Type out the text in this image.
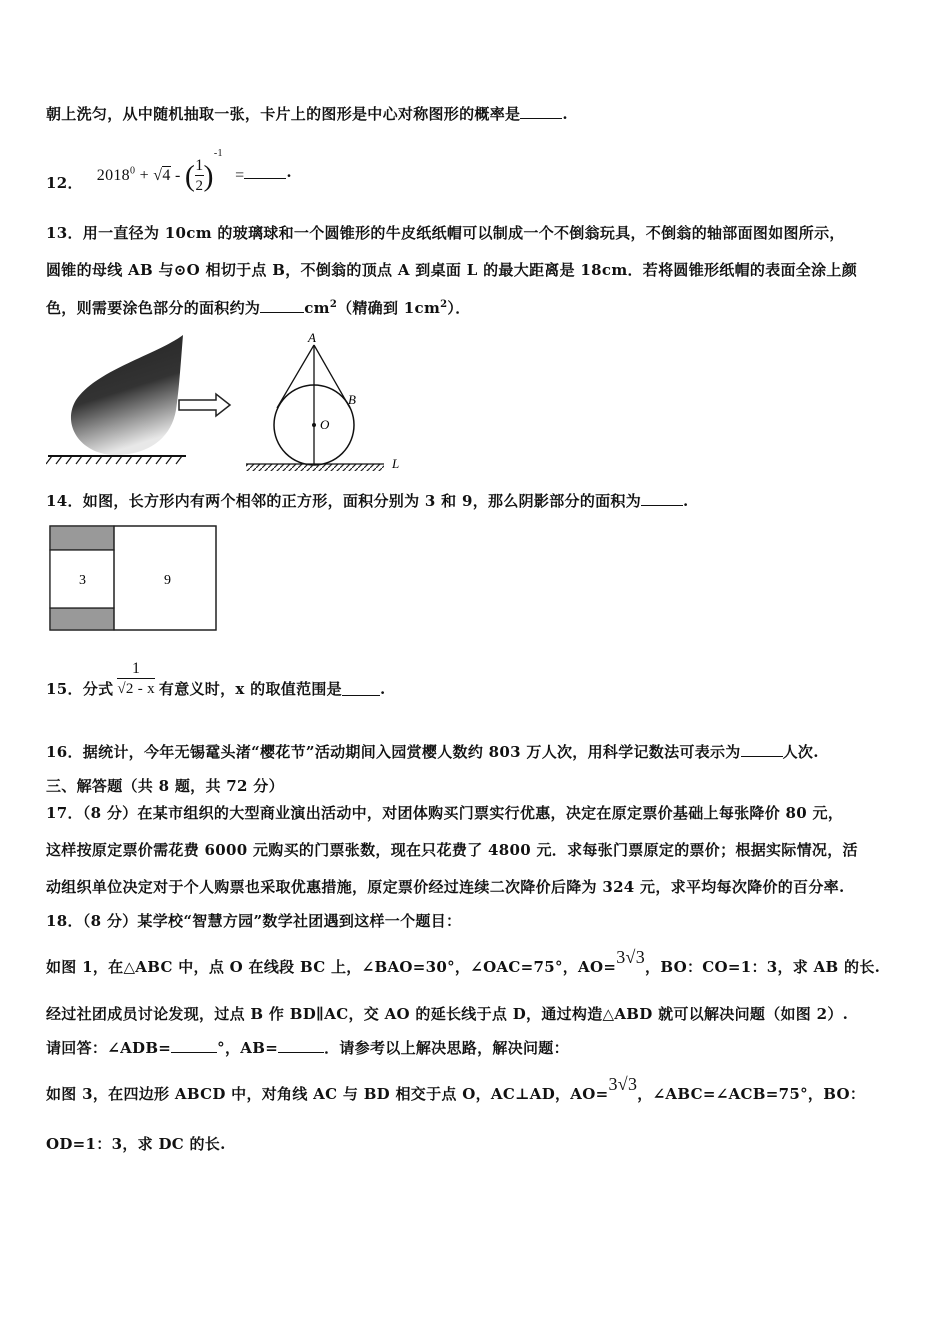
朝上洗匀，从中随机抽取一张，卡片上的图形是中心对称图形的概率是	.
12． $2018^0 + √4$ - ( $\frac{1}{2} )^{-1}$ =	.
13．用一直径为 10cm 的玻璃球和一个圆锥形的牛皮纸纸帽可以制成一个不倒翁玩具，不倒翁的轴部面图如图所示，
圆锥的母线 AB 与⊙O 相切于点 B，不倒翁的顶点 A 到桌面 L 的最大距离是 18cm．若将圆锥形纸帽的表面全涂上颜
色，则需要涂色部分的面积约为	$cm^2$（精确到 $1cm^2$）．
A
B
O
L
14．如图，长方形内有两个相邻的正方形，面积分别为 3 和 9，那么阴影部分的面积为	.
3	9
15．分式 $\frac{1}{√2 - x}$ 有意义时，x 的取值范围是	.
16．据统计，今年无锡鼋头渚“樱花节”活动期间入园赏樱人数约 803 万人次，用科学记数法可表示为	人次.
三、解答题（共 8 题，共 72 分）
17．（8 分）在某市组织的大型商业演出活动中，对团体购买门票实行优惠，决定在原定票价基础上每张降价 80 元，
这样按原定票价需花费 6000 元购买的门票张数，现在只花费了 4800 元．求每张门票原定的票价；根据实际情况，活
动组织单位决定对于个人购票也采取优惠措施，原定票价经过连续二次降价后降为 324 元，求平均每次降价的百分率.
18．（8 分）某学校“智慧方园”数学社团遇到这样一个题目：
如图 1，在△ABC 中，点 O 在线段 BC 上，∠BAO=30°，∠OAC=75°，AO=3√3，BO：CO=1：3，求 AB 的长.
经过社团成员讨论发现，过点 B 作 BD∥AC，交 AO 的延长线于点 D，通过构造△ABD 就可以解决问题（如图 2）.
请回答：∠ADB=	°，AB=	．请参考以上解决思路，解决问题：
如图 3，在四边形 ABCD 中，对角线 AC 与 BD 相交于点 O，AC⊥AD，AO=3√3，∠ABC=∠ACB=75°，BO：
OD=1：3，求 DC 的长.
